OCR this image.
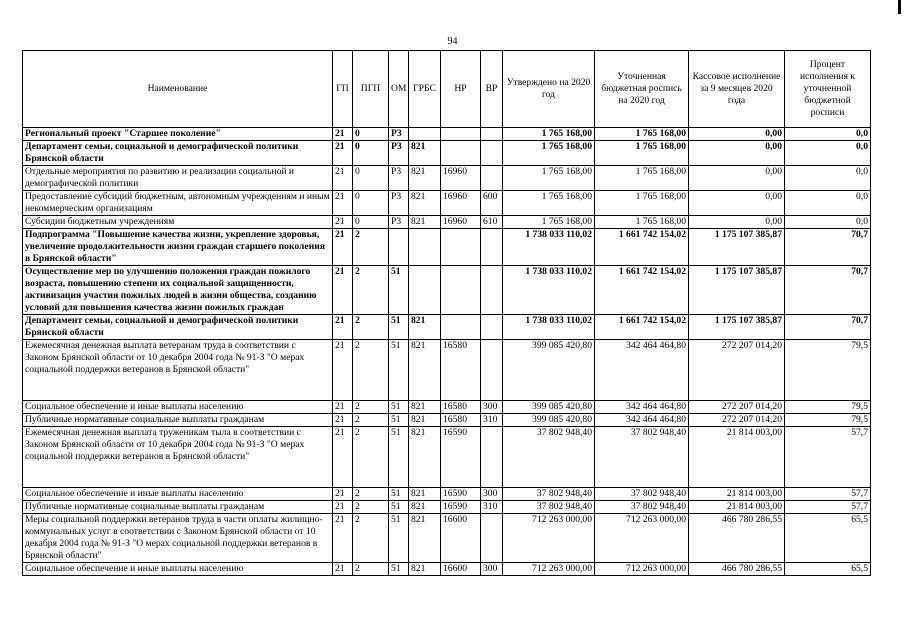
94
Наименование	ГП	ПГП	ОМ	ГРБС	НР	ВР	Утверждено на 2020 год	Уточненная бюджетная роспись на 2020 год	Кассовое исполнение за 9 месяцев 2020 года	Процент исполнения к уточненной бюджетной росписи
Региональный проект "Старшее поколение"	21	0	P3				1 765 168,00	1 765 168,00	0,00	0,0
Департамент семьи, социальной и демографической политики Брянской области	21	0	P3	821			1 765 168,00	1 765 168,00	0,00	0,0
Отдельные мероприятия по развитию и реализации социальной и демографической политики	21	0	P3	821	16960		1 765 168,00	1 765 168,00	0,00	0,0
Предоставление субсидий бюджетным, автономным учреждениям и иным некоммерческим организациям	21	0	P3	821	16960	600	1 765 168,00	1 765 168,00	0,00	0,0
Субсидии бюджетным учреждениям	21	0	P3	821	16960	610	1 765 168,00	1 765 168,00	0,00	0,0
Подпрограмма "Повышение качества жизни, укрепление здоровья, увеличение продолжительности жизни граждан старшего поколения в Брянской области"	21	2					1 738 033 110,02	1 661 742 154,02	1 175 107 385,87	70,7
Осуществление мер по улучшению положения граждан пожилого возраста, повышению степени их социальной защищенности, активизация участия пожилых людей в жизни общества, созданию условий для повышения качества жизни пожилых граждан	21	2	51				1 738 033 110,02	1 661 742 154,02	1 175 107 385,87	70,7
Департамент семьи, социальной и демографической политики Брянской области	21	2	51	821			1 738 033 110,02	1 661 742 154,02	1 175 107 385,87	70,7
Ежемесячная денежная выплата ветеранам труда в соответствии с Законом Брянской области от 10 декабря 2004 года № 91-З "О мерах социальной поддержки ветеранов в Брянской области"	21	2	51	821	16580		399 085 420,80	342 464 464,80	272 207 014,20	79,5
Социальное обеспечение и иные выплаты населению	21	2	51	821	16580	300	399 085 420,80	342 464 464,80	272 207 014,20	79,5
Публичные нормативные социальные выплаты гражданам	21	2	51	821	16580	310	399 085 420,80	342 464 464,80	272 207 014,20	79,5
Ежемесячная денежная выплата труженикам тыла в соответствии с Законом Брянской области от 10 декабря 2004 года № 91-З "О мерах социальной поддержки ветеранов в Брянской области"	21	2	51	821	16590		37 802 948,40	37 802 948,40	21 814 003,00	57,7
Социальное обеспечение и иные выплаты населению	21	2	51	821	16590	300	37 802 948,40	37 802 948,40	21 814 003,00	57,7
Публичные нормативные социальные выплаты гражданам	21	2	51	821	16590	310	37 802 948,40	37 802 948,40	21 814 003,00	57,7
Меры социальной поддержки ветеранов труда в части оплаты жилищно-коммунальных услуг в соответствии с Законом Брянской области от 10 декабря 2004 года № 91-З "О мерах социальной поддержки ветеранов в Брянской области"	21	2	51	821	16600		712 263 000,00	712 263 000,00	466 780 286,55	65,5
Социальное обеспечение и иные выплаты населению	21	2	51	821	16600	300	712 263 000,00	712 263 000,00	466 780 286,55	65,5
